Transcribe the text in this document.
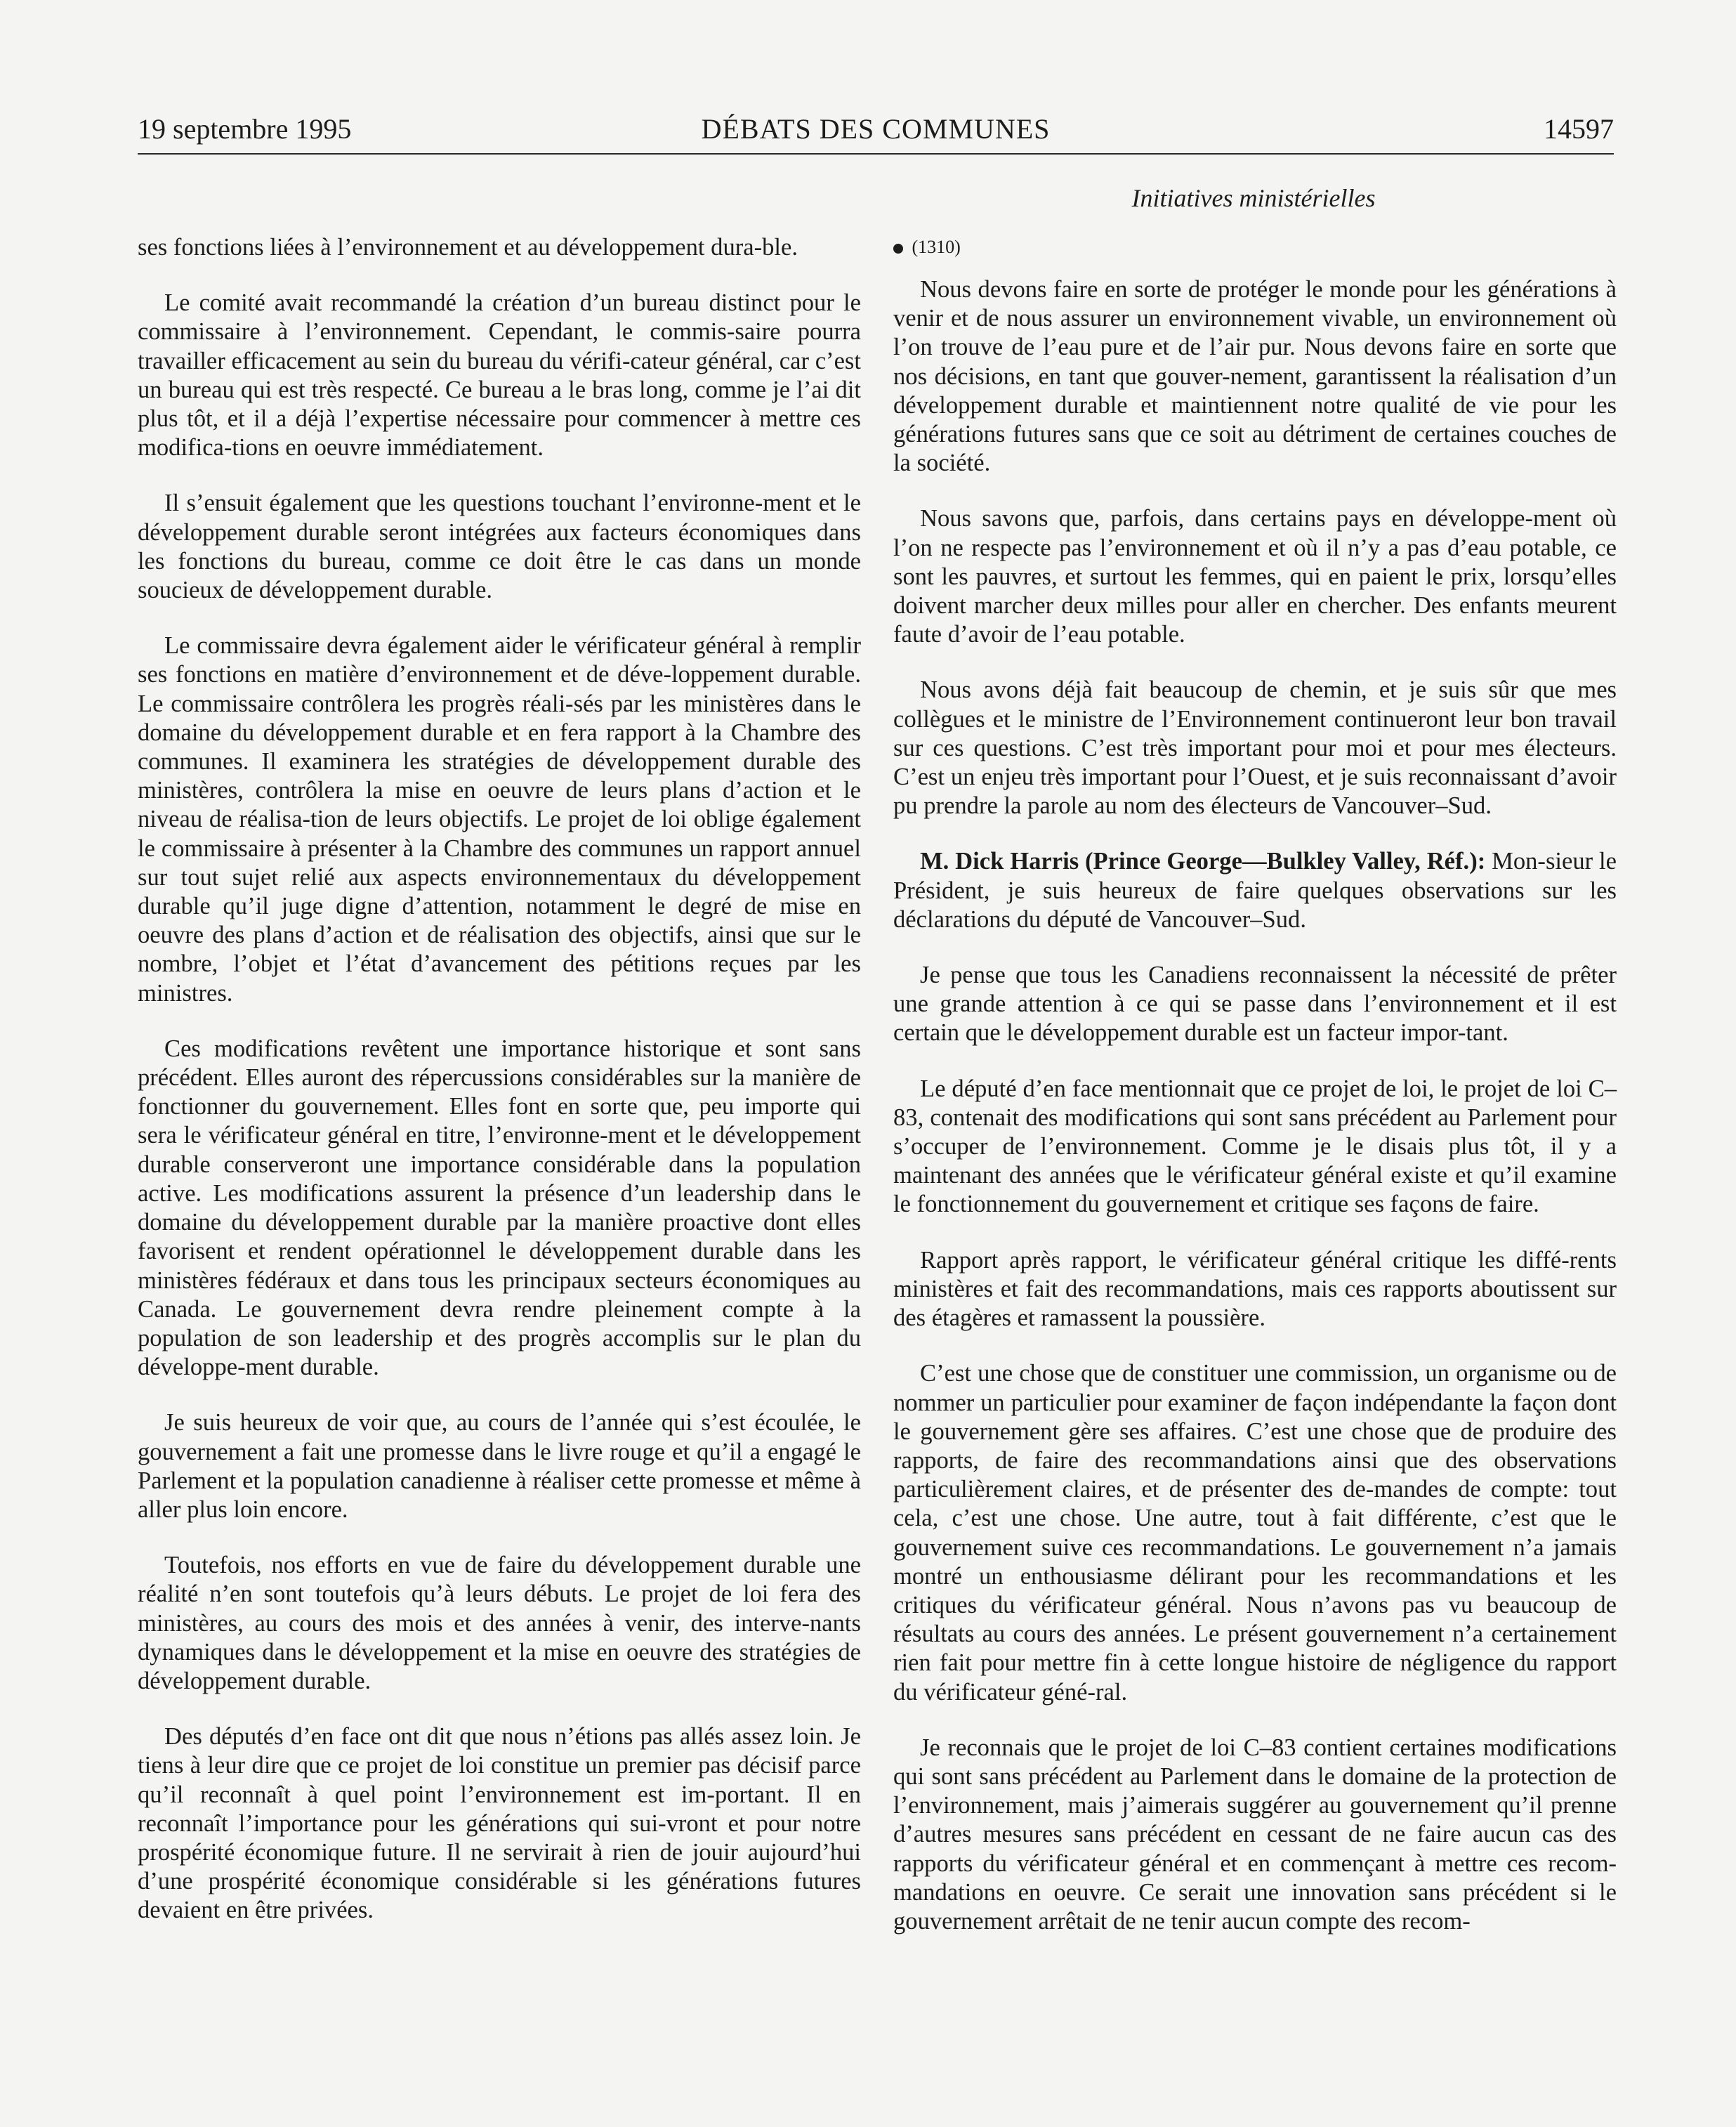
19 septembre 1995	DÉBATS DES COMMUNES	14597
Initiatives ministérielles

ses fonctions liées à l’environnement et au développement dura-ble.

Le comité avait recommandé la création d’un bureau distinct pour le commissaire à l’environnement. Cependant, le commis-saire pourra travailler efficacement au sein du bureau du vérifi-cateur général, car c’est un bureau qui est très respecté. Ce bureau a le bras long, comme je l’ai dit plus tôt, et il a déjà l’expertise nécessaire pour commencer à mettre ces modifica-tions en oeuvre immédiatement.

Il s’ensuit également que les questions touchant l’environne-ment et le développement durable seront intégrées aux facteurs économiques dans les fonctions du bureau, comme ce doit être le cas dans un monde soucieux de développement durable.

Le commissaire devra également aider le vérificateur général à remplir ses fonctions en matière d’environnement et de déve-loppement durable. Le commissaire contrôlera les progrès réali-sés par les ministères dans le domaine du développement durable et en fera rapport à la Chambre des communes. Il examinera les stratégies de développement durable des ministères, contrôlera la mise en oeuvre de leurs plans d’action et le niveau de réalisa-tion de leurs objectifs. Le projet de loi oblige également le commissaire à présenter à la Chambre des communes un rapport annuel sur tout sujet relié aux aspects environnementaux du développement durable qu’il juge digne d’attention, notamment le degré de mise en oeuvre des plans d’action et de réalisation des objectifs, ainsi que sur le nombre, l’objet et l’état d’avancement des pétitions reçues par les ministres.

Ces modifications revêtent une importance historique et sont sans précédent. Elles auront des répercussions considérables sur la manière de fonctionner du gouvernement. Elles font en sorte que, peu importe qui sera le vérificateur général en titre, l’environne-ment et le développement durable conserveront une importance considérable dans la population active. Les modifications assurent la présence d’un leadership dans le domaine du développement durable par la manière proactive dont elles favorisent et rendent opérationnel le développement durable dans les ministères fédéraux et dans tous les principaux secteurs économiques au Canada. Le gouvernement devra rendre pleinement compte à la population de son leadership et des progrès accomplis sur le plan du développe-ment durable.

Je suis heureux de voir que, au cours de l’année qui s’est écoulée, le gouvernement a fait une promesse dans le livre rouge et qu’il a engagé le Parlement et la population canadienne à réaliser cette promesse et même à aller plus loin encore.

Toutefois, nos efforts en vue de faire du développement durable une réalité n’en sont toutefois qu’à leurs débuts. Le projet de loi fera des ministères, au cours des mois et des années à venir, des interve-nants dynamiques dans le développement et la mise en oeuvre des stratégies de développement durable.

Des députés d’en face ont dit que nous n’étions pas allés assez loin. Je tiens à leur dire que ce projet de loi constitue un premier pas décisif parce qu’il reconnaît à quel point l’environnement est im-portant. Il en reconnaît l’importance pour les générations qui sui-vront et pour notre prospérité économique future. Il ne servirait à rien de jouir aujourd’hui d’une prospérité économique considérable si les générations futures devaient en être privées.

(1310)

Nous devons faire en sorte de protéger le monde pour les générations à venir et de nous assurer un environnement vivable, un environnement où l’on trouve de l’eau pure et de l’air pur. Nous devons faire en sorte que nos décisions, en tant que gouver-nement, garantissent la réalisation d’un développement durable et maintiennent notre qualité de vie pour les générations futures sans que ce soit au détriment de certaines couches de la société.

Nous savons que, parfois, dans certains pays en développe-ment où l’on ne respecte pas l’environnement et où il n’y a pas d’eau potable, ce sont les pauvres, et surtout les femmes, qui en paient le prix, lorsqu’elles doivent marcher deux milles pour aller en chercher. Des enfants meurent faute d’avoir de l’eau potable.

Nous avons déjà fait beaucoup de chemin, et je suis sûr que mes collègues et le ministre de l’Environnement continueront leur bon travail sur ces questions. C’est très important pour moi et pour mes électeurs. C’est un enjeu très important pour l’Ouest, et je suis reconnaissant d’avoir pu prendre la parole au nom des électeurs de Vancouver–Sud.

M. Dick Harris (Prince George—Bulkley Valley, Réf.): Mon-sieur le Président, je suis heureux de faire quelques observations sur les déclarations du député de Vancouver–Sud.

Je pense que tous les Canadiens reconnaissent la nécessité de prêter une grande attention à ce qui se passe dans l’environnement et il est certain que le développement durable est un facteur impor-tant.

Le député d’en face mentionnait que ce projet de loi, le projet de loi C–83, contenait des modifications qui sont sans précédent au Parlement pour s’occuper de l’environnement. Comme je le disais plus tôt, il y a maintenant des années que le vérificateur général existe et qu’il examine le fonctionnement du gouvernement et critique ses façons de faire.

Rapport après rapport, le vérificateur général critique les diffé-rents ministères et fait des recommandations, mais ces rapports aboutissent sur des étagères et ramassent la poussière.

C’est une chose que de constituer une commission, un organisme ou de nommer un particulier pour examiner de façon indépendante la façon dont le gouvernement gère ses affaires. C’est une chose que de produire des rapports, de faire des recommandations ainsi que des observations particulièrement claires, et de présenter des de-mandes de compte: tout cela, c’est une chose. Une autre, tout à fait différente, c’est que le gouvernement suive ces recommandations. Le gouvernement n’a jamais montré un enthousiasme délirant pour les recommandations et les critiques du vérificateur général. Nous n’avons pas vu beaucoup de résultats au cours des années. Le présent gouvernement n’a certainement rien fait pour mettre fin à cette longue histoire de négligence du rapport du vérificateur géné-ral.

Je reconnais que le projet de loi C–83 contient certaines modifications qui sont sans précédent au Parlement dans le domaine de la protection de l’environnement, mais j’aimerais suggérer au gouvernement qu’il prenne d’autres mesures sans précédent en cessant de ne faire aucun cas des rapports du vérificateur général et en commençant à mettre ces recom-mandations en oeuvre. Ce serait une innovation sans précédent si le gouvernement arrêtait de ne tenir aucun compte des recom-
